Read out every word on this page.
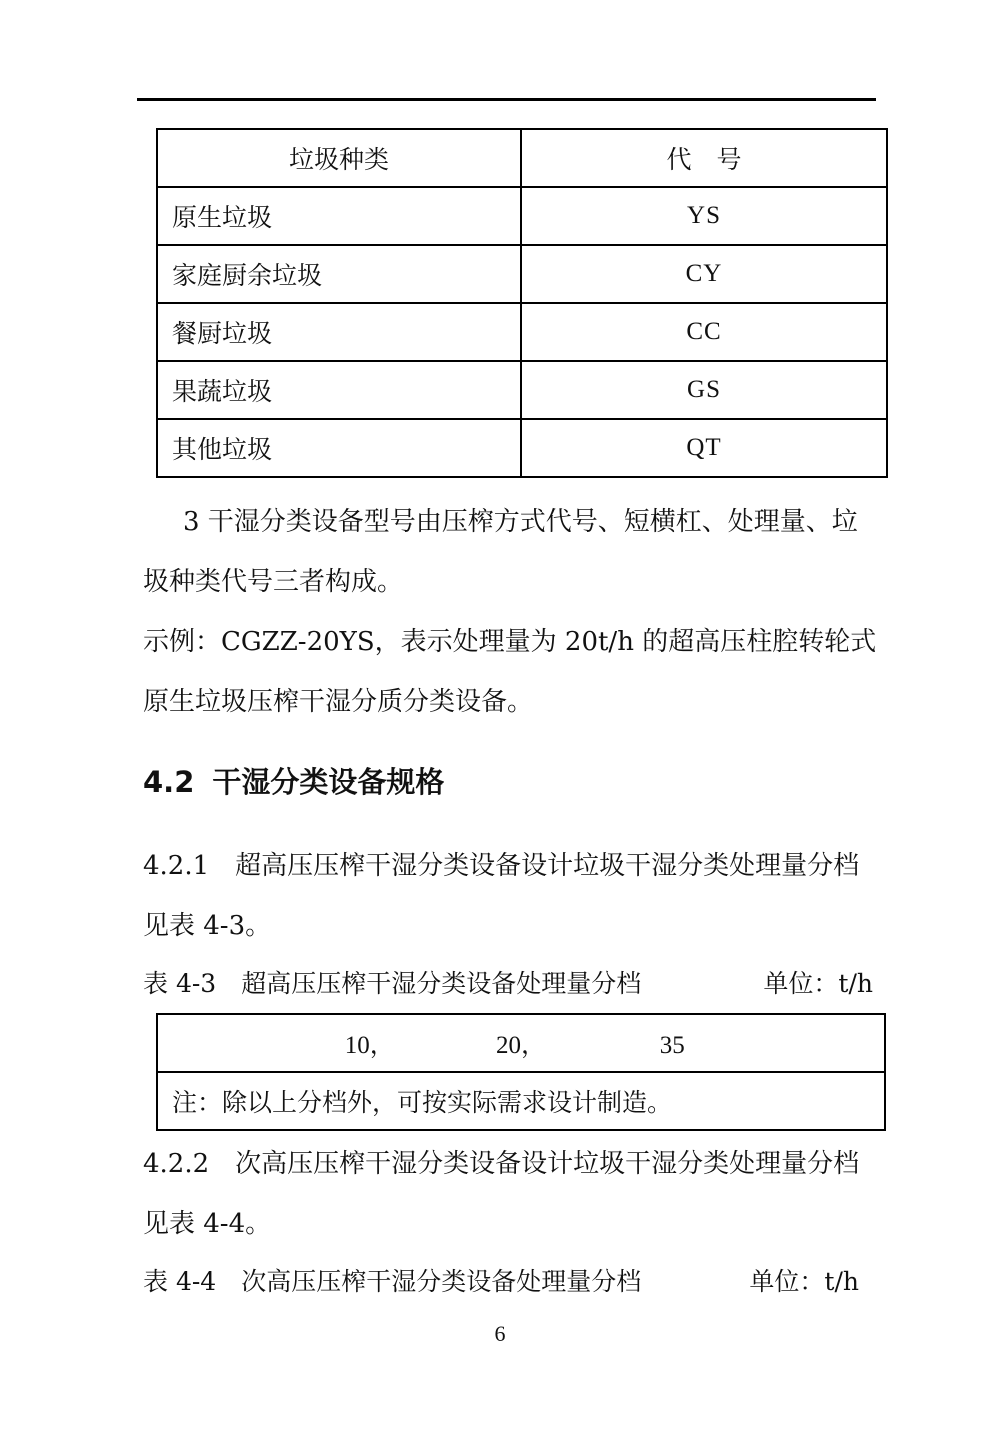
垃圾种类	代　号
原生垃圾	YS
家庭厨余垃圾	CY
餐厨垃圾	CC
果蔬垃圾	GS
其他垃圾	QT

3 干湿分类设备型号由压榨方式代号、短横杠、处理量、垃圾种类代号三者构成。

示例：CGZZ-20YS，表示处理量为 20t/h 的超高压柱腔转轮式原生垃圾压榨干湿分质分类设备。

4.2 干湿分类设备规格

4.2.1　超高压压榨干湿分类设备设计垃圾干湿分类处理量分档见表 4-3。

表 4-3　超高压压榨干湿分类设备处理量分档	单位：t/h
10，	20，	35
注：除以上分档外，可按实际需求设计制造。

4.2.2　次高压压榨干湿分类设备设计垃圾干湿分类处理量分档见表 4-4。

表 4-4　次高压压榨干湿分类设备处理量分档	单位：t/h
6
